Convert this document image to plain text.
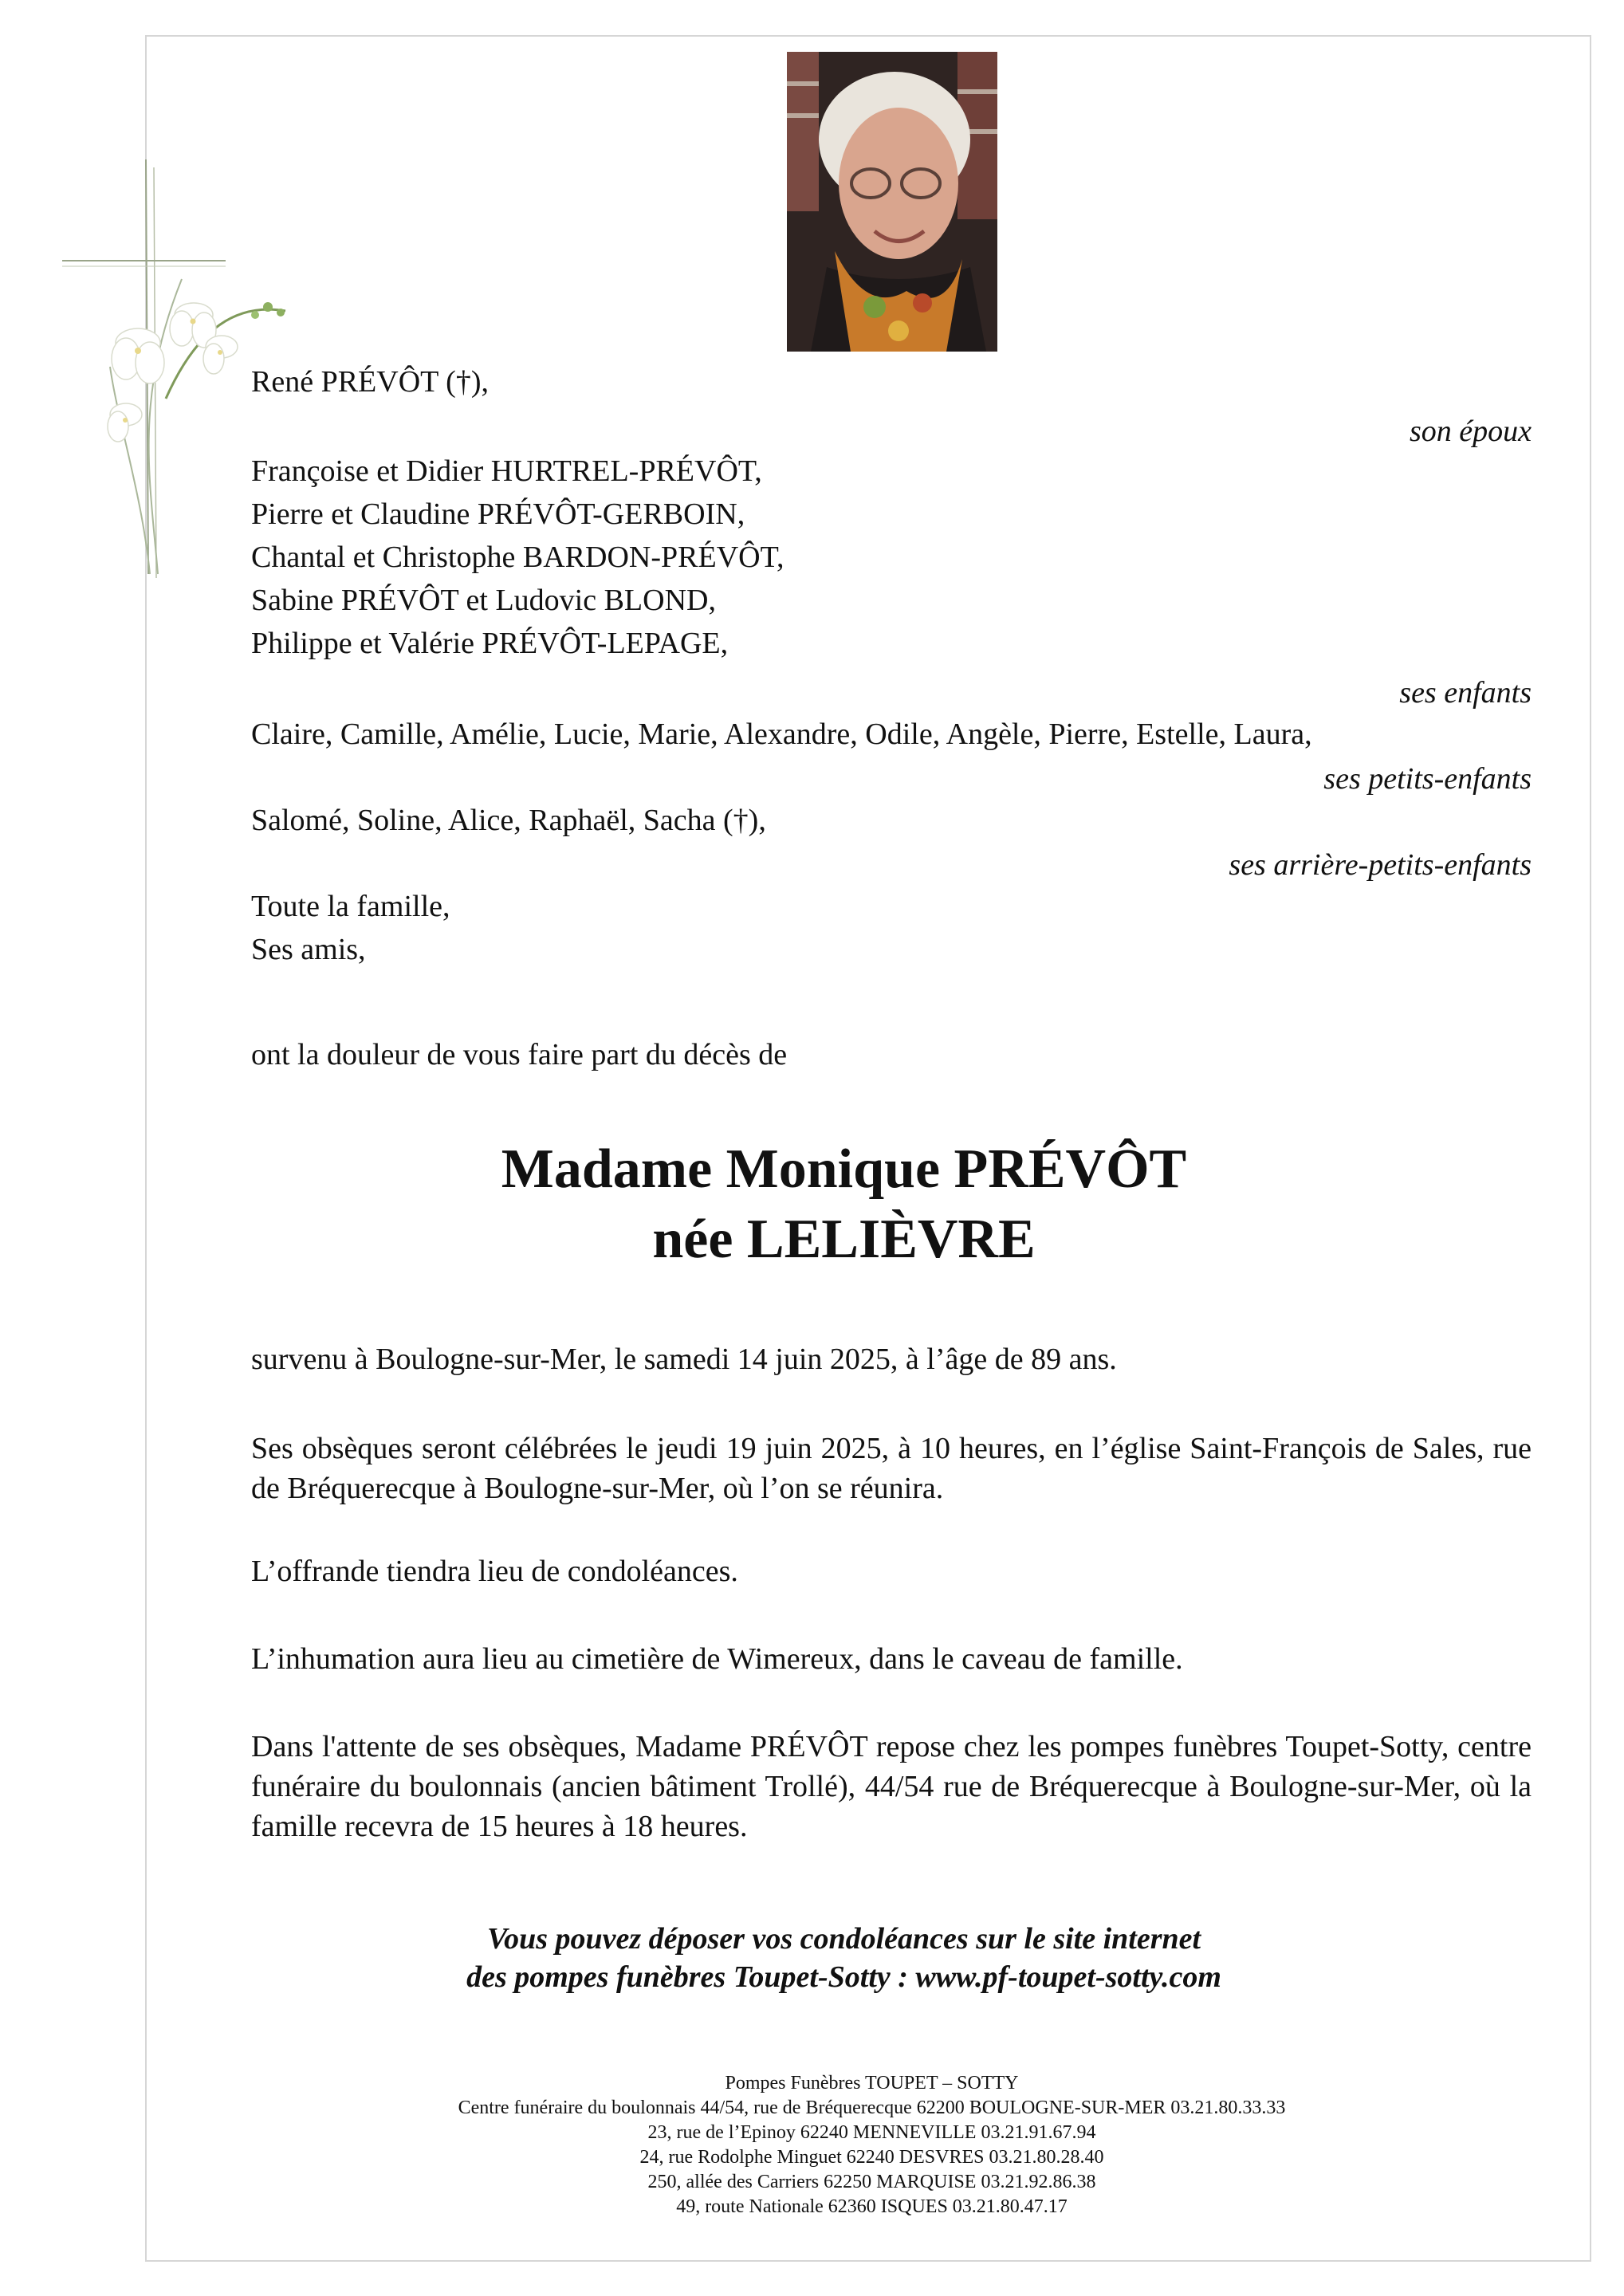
René PRÉVÔT (†),
son époux
Françoise et Didier HURTREL-PRÉVÔT,
Pierre et Claudine PRÉVÔT-GERBOIN,
Chantal et Christophe BARDON-PRÉVÔT,
Sabine PRÉVÔT et Ludovic BLOND,
Philippe et Valérie PRÉVÔT-LEPAGE,
ses enfants
Claire, Camille, Amélie, Lucie, Marie, Alexandre, Odile, Angèle, Pierre, Estelle, Laura,
ses petits-enfants
Salomé, Soline, Alice, Raphaël, Sacha (†),
ses arrière-petits-enfants
Toute la famille,
Ses amis,
ont la douleur de vous faire part du décès de
Madame Monique PRÉVÔT
née LELIÈVRE
survenu à Boulogne-sur-Mer, le samedi 14 juin 2025, à l’âge de 89 ans.
Ses obsèques seront célébrées le jeudi 19 juin 2025, à 10 heures, en l’église Saint-François de Sales, rue de Bréquerecque à Boulogne-sur-Mer, où l’on se réunira.
L’offrande tiendra lieu de condoléances.
L’inhumation aura lieu au cimetière de Wimereux, dans le caveau de famille.
Dans l'attente de ses obsèques, Madame PRÉVÔT repose chez les pompes funèbres Toupet-Sotty, centre funéraire du boulonnais (ancien bâtiment Trollé), 44/54 rue de Bréquerecque à Boulogne-sur-Mer, où la famille recevra de 15 heures à 18 heures.
Vous pouvez déposer vos condoléances sur le site internet
des pompes funèbres Toupet-Sotty : www.pf-toupet-sotty.com
Pompes Funèbres TOUPET – SOTTY
Centre funéraire du boulonnais 44/54, rue de Bréquerecque 62200 BOULOGNE-SUR-MER 03.21.80.33.33
23, rue de l’Epinoy 62240 MENNEVILLE 03.21.91.67.94
24, rue Rodolphe Minguet 62240 DESVRES 03.21.80.28.40
250, allée des Carriers 62250 MARQUISE 03.21.92.86.38
49, route Nationale 62360 ISQUES 03.21.80.47.17
